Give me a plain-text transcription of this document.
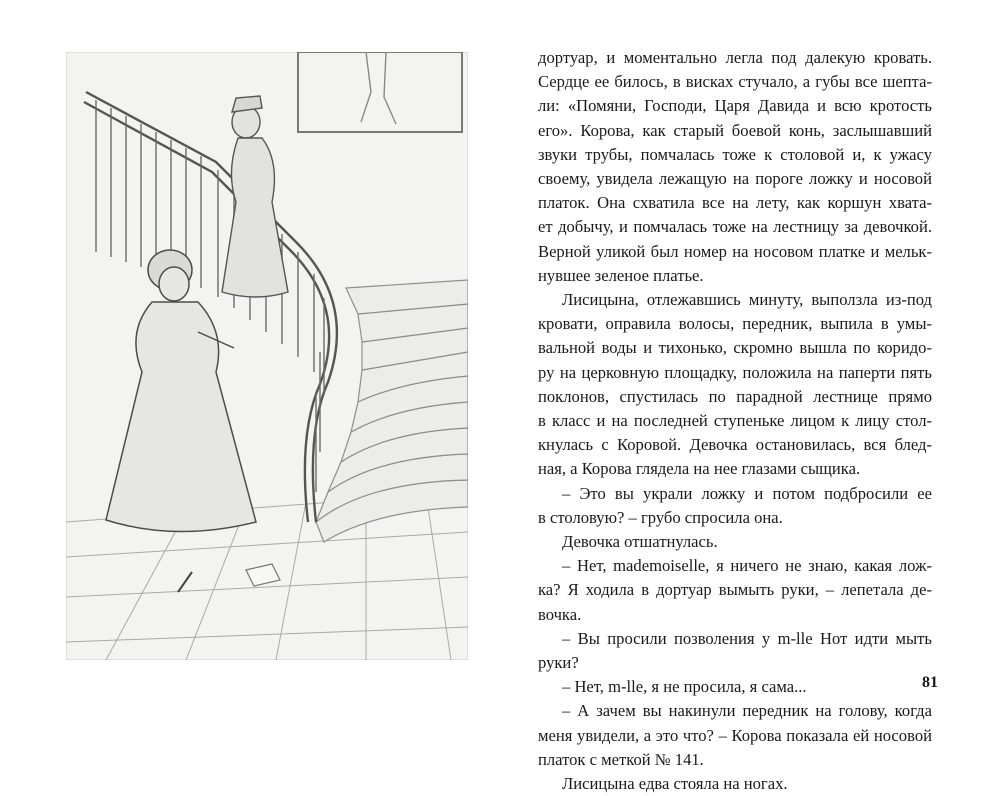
дортуар, и моментально легла под далекую кровать.
Сердце ее билось, в висках стучало, а губы все шепта-
ли: «Помяни, Господи, Царя Давида и всю кротость
его». Корова, как старый боевой конь, заслышавший
звуки трубы, помчалась тоже к столовой и, к ужасу
своему, увидела лежащую на пороге ложку и носовой
платок. Она схватила все на лету, как коршун хвата-
ет добычу, и помчалась тоже на лестницу за девочкой.
Верной уликой был номер на носовом платке и мельк-
нувшее зеленое платье.

Лисицына, отлежавшись минуту, выползла из-под
кровати, оправила волосы, передник, выпила в умы-
вальной воды и тихонько, скромно вышла по коридо-
ру на церковную площадку, положила на паперти пять
поклонов, спустилась по парадной лестнице прямо
в класс и на последней ступеньке лицом к лицу стол-
кнулась с Коровой. Девочка остановилась, вся блед-
ная, а Корова глядела на нее глазами сыщика.

– Это вы украли ложку и потом подбросили ее
в столовую? – грубо спросила она.

Девочка отшатнулась.

– Нет, mademoiselle, я ничего не знаю, какая лож-
ка? Я ходила в дортуар вымыть руки, – лепетала де-
вочка.

– Вы просили позволения у m-lle Нот идти мыть
руки?

– Нет, m-lle, я не просила, я сама...

– А зачем вы накинули передник на голову, когда
меня увидели, а это что? – Корова показала ей носовой
платок с меткой № 141.

Лисицына едва стояла на ногах.

81
